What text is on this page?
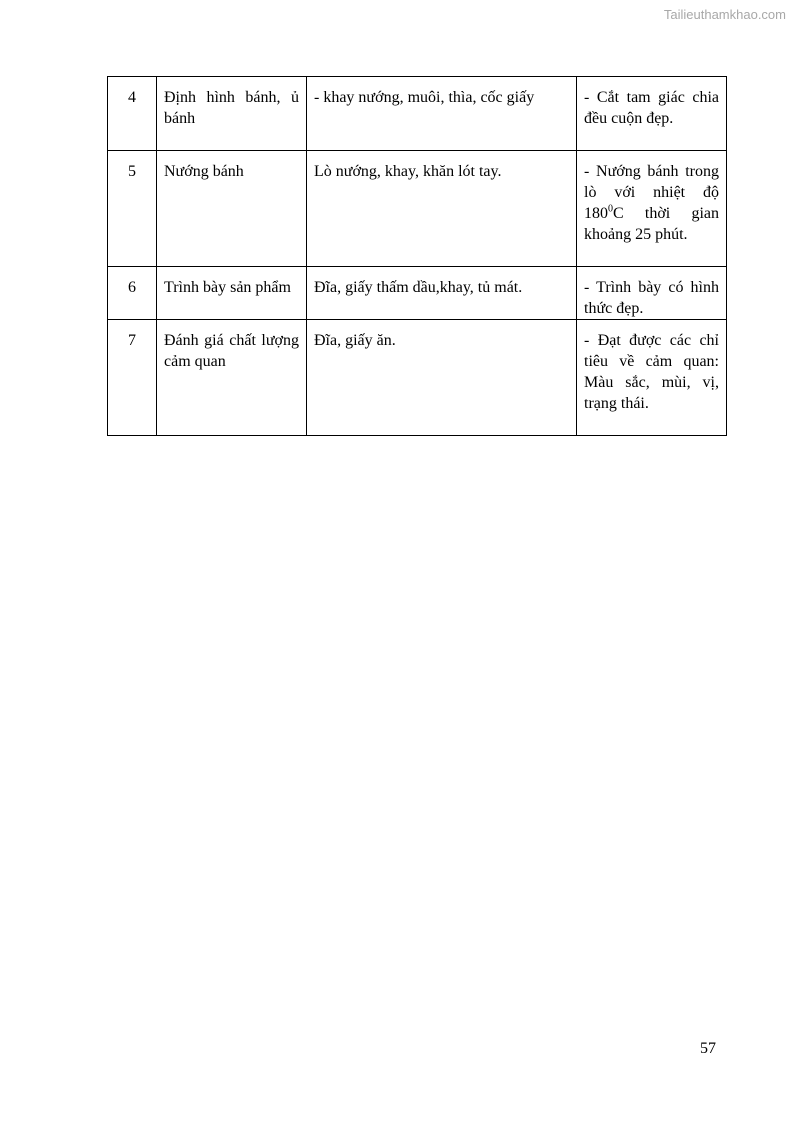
Tailieuthamkhao.com
4	Định hình bánh, ủ bánh	- khay nướng, muôi, thìa, cốc giấy	- Cắt tam giác chia đều cuộn đẹp.
5	Nướng bánh	Lò nướng, khay, khăn lót tay.	- Nướng bánh trong lò với nhiệt độ $180^0C$ thời gian khoảng 25 phút.
6	Trình bày sản phẩm	Đĩa, giấy thấm dầu,khay, tủ mát.	- Trình bày có hình thức đẹp.
7	Đánh giá chất lượng cảm quan	Đĩa, giấy ăn.	- Đạt được các chỉ tiêu về cảm quan: Màu sắc, mùi, vị, trạng thái.
57
